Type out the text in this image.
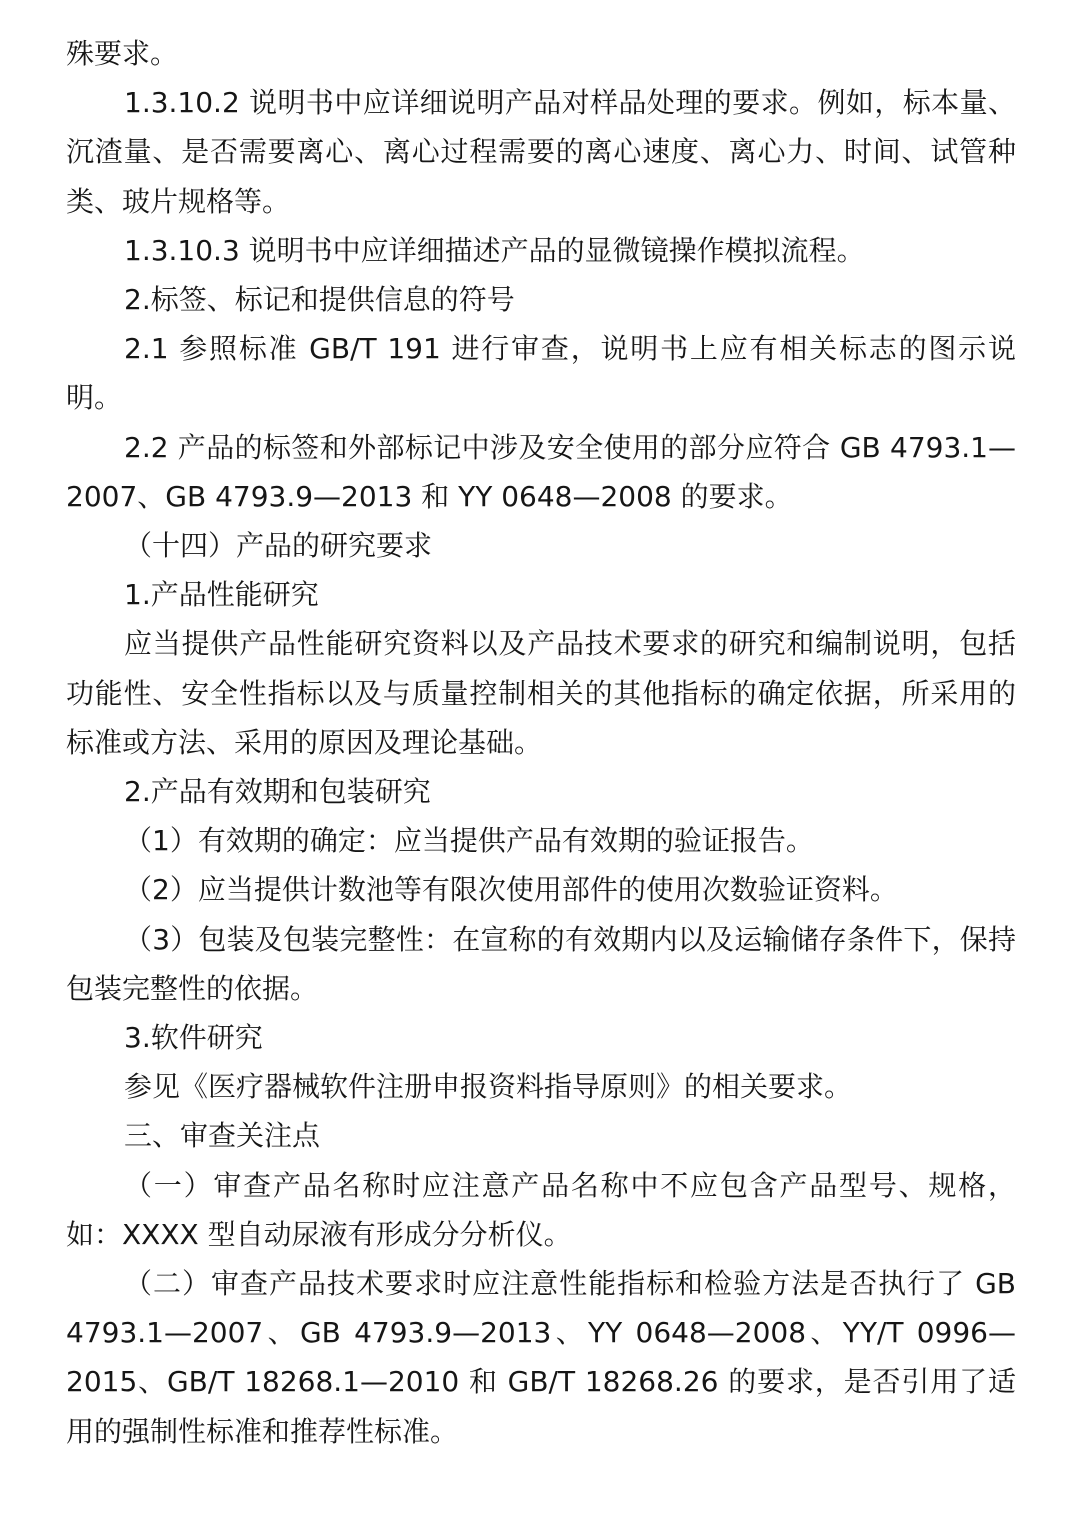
殊要求。

1.3.10.2 说明书中应详细说明产品对样品处理的要求。例如，标本量、沉渣量、是否需要离心、离心过程需要的离心速度、离心力、时间、试管种类、玻片规格等。

1.3.10.3 说明书中应详细描述产品的显微镜操作模拟流程。

2.标签、标记和提供信息的符号

2.1 参照标准 GB/T 191 进行审查，说明书上应有相关标志的图示说明。

2.2 产品的标签和外部标记中涉及安全使用的部分应符合 GB 4793.1—2007、GB 4793.9—2013 和 YY 0648—2008 的要求。

（十四）产品的研究要求

1.产品性能研究

应当提供产品性能研究资料以及产品技术要求的研究和编制说明，包括功能性、安全性指标以及与质量控制相关的其他指标的确定依据，所采用的标准或方法、采用的原因及理论基础。

2.产品有效期和包装研究

（1）有效期的确定：应当提供产品有效期的验证报告。

（2）应当提供计数池等有限次使用部件的使用次数验证资料。

（3）包装及包装完整性：在宣称的有效期内以及运输储存条件下，保持包装完整性的依据。

3.软件研究

参见《医疗器械软件注册申报资料指导原则》的相关要求。

三、审查关注点

（一）审查产品名称时应注意产品名称中不应包含产品型号、规格，如：XXXX 型自动尿液有形成分分析仪。

（二）审查产品技术要求时应注意性能指标和检验方法是否执行了 GB 4793.1—2007、GB 4793.9—2013、YY 0648—2008、YY/T 0996—2015、GB/T 18268.1—2010 和 GB/T 18268.26 的要求，是否引用了适用的强制性标准和推荐性标准。
